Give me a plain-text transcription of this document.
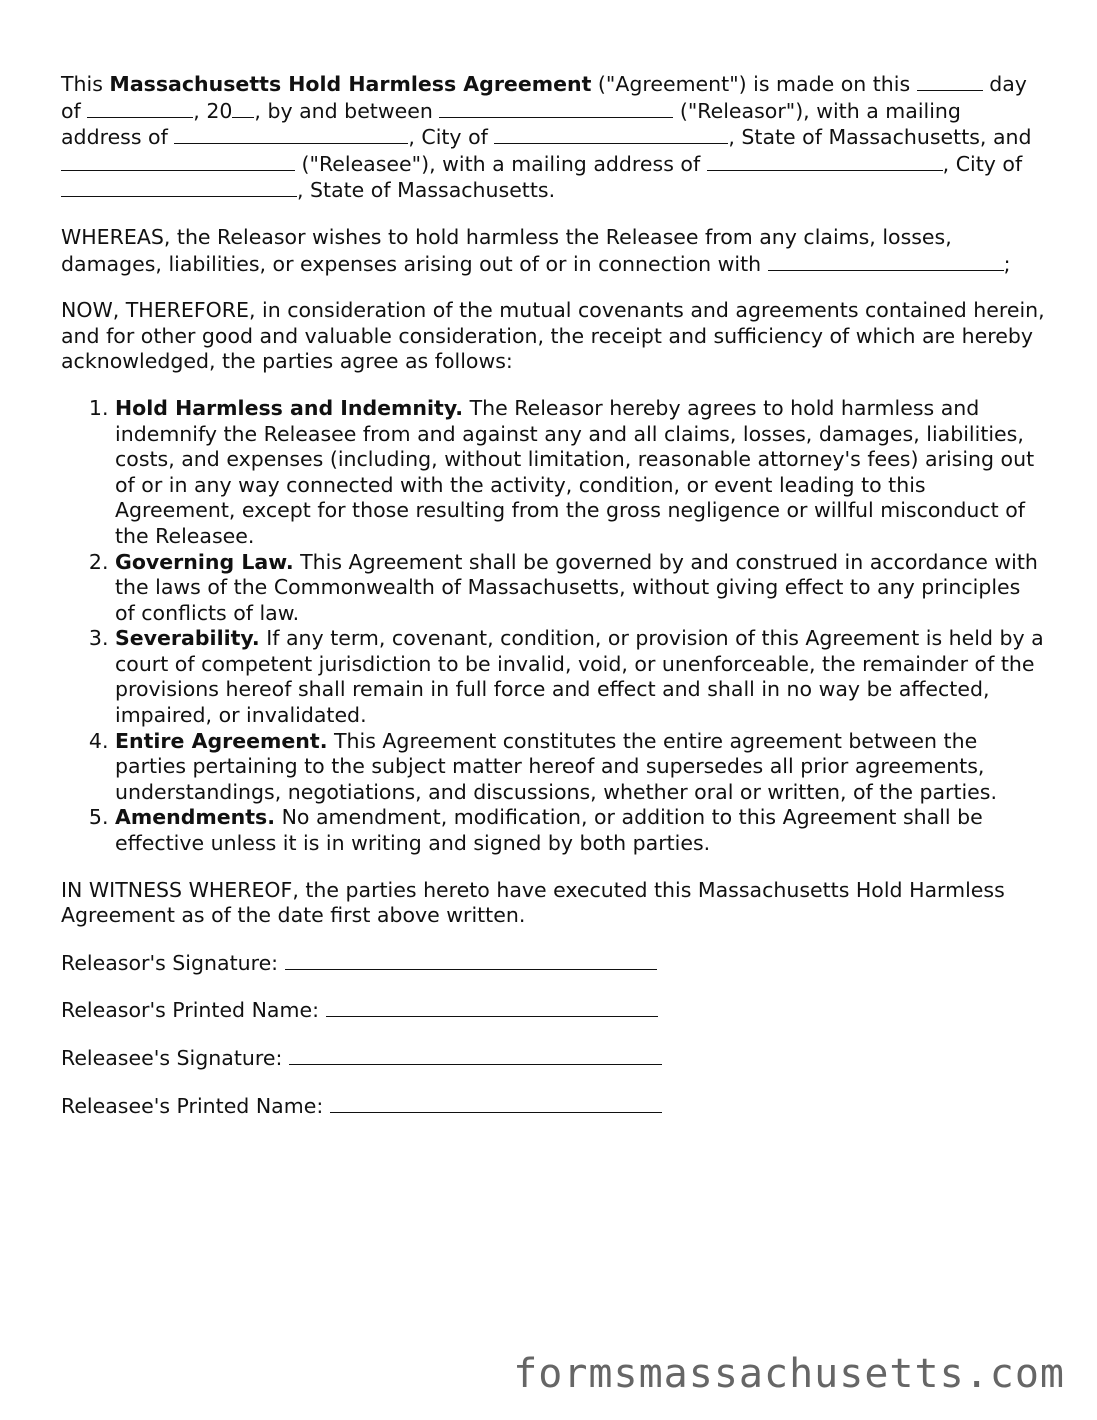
This Massachusetts Hold Harmless Agreement ("Agreement") is made on this	day of	, 20 , by and between	("Releasor"), with a mailing address of	, City of	, State of Massachusetts, and  ("Releasee"), with a mailing address of	, City of , State of Massachusetts.

WHEREAS, the Releasor wishes to hold harmless the Releasee from any claims, losses, damages, liabilities, or expenses arising out of or in connection with	;

NOW, THEREFORE, in consideration of the mutual covenants and agreements contained herein, and for other good and valuable consideration, the receipt and sufficiency of which are hereby acknowledged, the parties agree as follows:

1. Hold Harmless and Indemnity. The Releasor hereby agrees to hold harmless and indemnify the Releasee from and against any and all claims, losses, damages, liabilities, costs, and expenses (including, without limitation, reasonable attorney's fees) arising out of or in any way connected with the activity, condition, or event leading to this Agreement, except for those resulting from the gross negligence or willful misconduct of the Releasee.
2. Governing Law. This Agreement shall be governed by and construed in accordance with the laws of the Commonwealth of Massachusetts, without giving effect to any principles of conflicts of law.
3. Severability. If any term, covenant, condition, or provision of this Agreement is held by a court of competent jurisdiction to be invalid, void, or unenforceable, the remainder of the provisions hereof shall remain in full force and effect and shall in no way be affected, impaired, or invalidated.
4. Entire Agreement. This Agreement constitutes the entire agreement between the parties pertaining to the subject matter hereof and supersedes all prior agreements, understandings, negotiations, and discussions, whether oral or written, of the parties.
5. Amendments. No amendment, modification, or addition to this Agreement shall be effective unless it is in writing and signed by both parties.

IN WITNESS WHEREOF, the parties hereto have executed this Massachusetts Hold Harmless Agreement as of the date first above written.

Releasor's Signature:
Releasor's Printed Name:
Releasee's Signature:
Releasee's Printed Name:
formsmassachusetts.com
